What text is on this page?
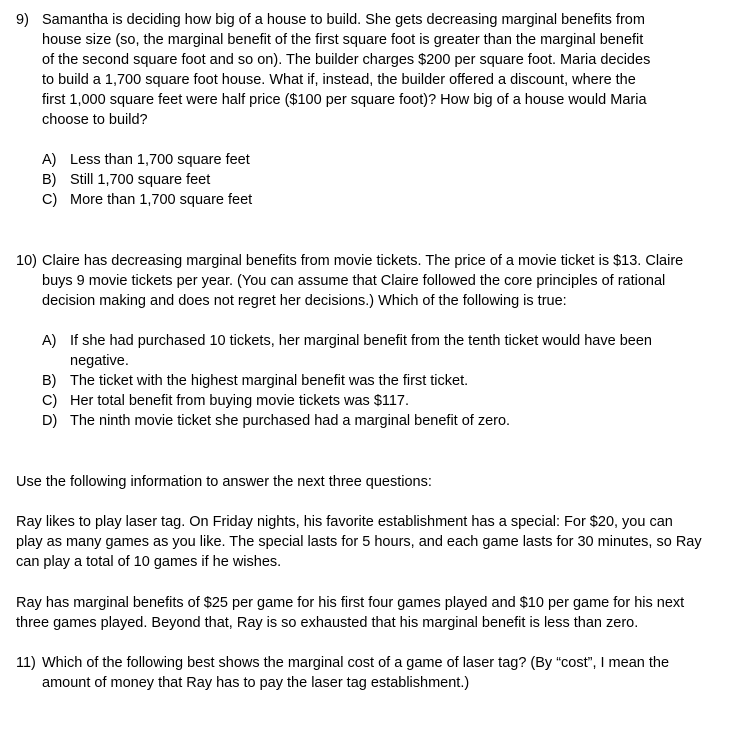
9) Samantha is deciding how big of a house to build. She gets decreasing marginal benefits from
house size (so, the marginal benefit of the first square foot is greater than the marginal benefit
of the second square foot and so on). The builder charges $200 per square foot. Maria decides
to build a 1,700 square foot house. What if, instead, the builder offered a discount, where the
first 1,000 square feet were half price ($100 per square foot)? How big of a house would Maria
choose to build?
A) Less than 1,700 square feet
B) Still 1,700 square feet
C) More than 1,700 square feet
10) Claire has decreasing marginal benefits from movie tickets. The price of a movie ticket is $13. Claire
buys 9 movie tickets per year. (You can assume that Claire followed the core principles of rational
decision making and does not regret her decisions.) Which of the following is true:
A) If she had purchased 10 tickets, her marginal benefit from the tenth ticket would have been negative.
B) The ticket with the highest marginal benefit was the first ticket.
C) Her total benefit from buying movie tickets was $117.
D) The ninth movie ticket she purchased had a marginal benefit of zero.
Use the following information to answer the next three questions:
Ray likes to play laser tag. On Friday nights, his favorite establishment has a special: For $20, you can
play as many games as you like. The special lasts for 5 hours, and each game lasts for 30 minutes, so Ray
can play a total of 10 games if he wishes.
Ray has marginal benefits of $25 per game for his first four games played and $10 per game for his next
three games played. Beyond that, Ray is so exhausted that his marginal benefit is less than zero.
11) Which of the following best shows the marginal cost of a game of laser tag? (By “cost”, I mean the
amount of money that Ray has to pay the laser tag establishment.)
